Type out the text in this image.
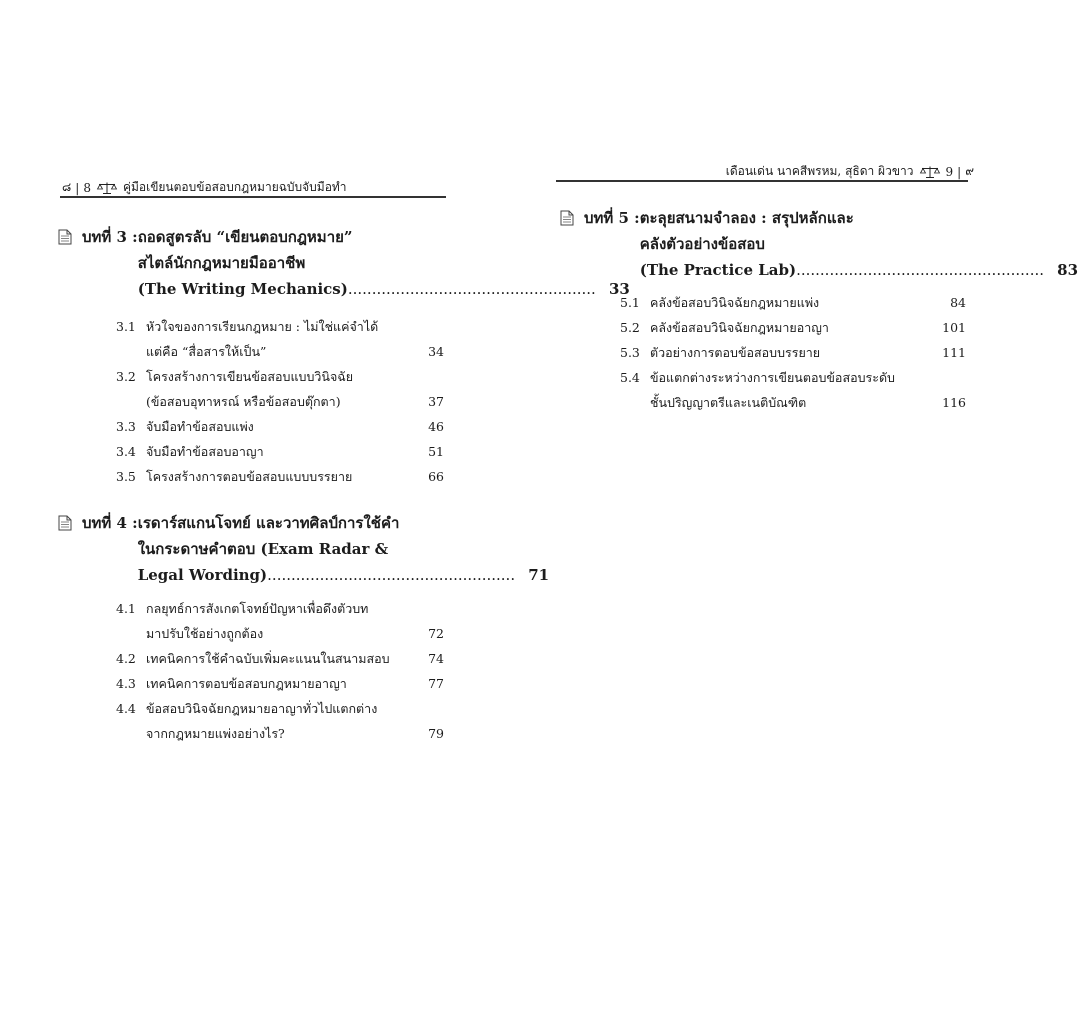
๘ | 8	คู่มือเขียนตอบข้อสอบกฎหมายฉบับจับมือทำ
บทที่ 3 : ถอดสูตรลับ “เขียนตอบกฎหมาย”
สไตล์นักกฎหมายมืออาชีพ
(The Writing Mechanics) .................................................... 33
3.1 หัวใจของการเรียนกฎหมาย : ไม่ใช่แค่จำได้
แต่คือ “สื่อสารให้เป็น”	34
3.2 โครงสร้างการเขียนข้อสอบแบบวินิจฉัย
(ข้อสอบอุทาหรณ์ หรือข้อสอบตุ๊กตา)	37
3.3 จับมือทำข้อสอบแพ่ง	46
3.4 จับมือทำข้อสอบอาญา	51
3.5 โครงสร้างการตอบข้อสอบแบบบรรยาย	66
บทที่ 4 : เรดาร์สแกนโจทย์ และวาทศิลป์การใช้คำ
ในกระดาษคำตอบ (Exam Radar &
Legal Wording) .................................................... 71
4.1 กลยุทธ์การสังเกตโจทย์ปัญหาเพื่อดึงตัวบท
มาปรับใช้อย่างถูกต้อง	72
4.2 เทคนิคการใช้คำฉบับเพิ่มคะแนนในสนามสอบ	74
4.3 เทคนิคการตอบข้อสอบกฎหมายอาญา	77
4.4 ข้อสอบวินิจฉัยกฎหมายอาญาทั่วไปแตกต่าง
จากกฎหมายแพ่งอย่างไร?	79
เดือนเด่น นาคสีพรหม, สุธิดา ผิวขาว	9 | ๙
บทที่ 5 : ตะลุยสนามจำลอง : สรุปหลักและ
คลังตัวอย่างข้อสอบ
(The Practice Lab) .................................................... 83
5.1 คลังข้อสอบวินิจฉัยกฎหมายแพ่ง	84
5.2 คลังข้อสอบวินิจฉัยกฎหมายอาญา	101
5.3 ตัวอย่างการตอบข้อสอบบรรยาย	111
5.4 ข้อแตกต่างระหว่างการเขียนตอบข้อสอบระดับ
ชั้นปริญญาตรีและเนติบัณฑิต	116
